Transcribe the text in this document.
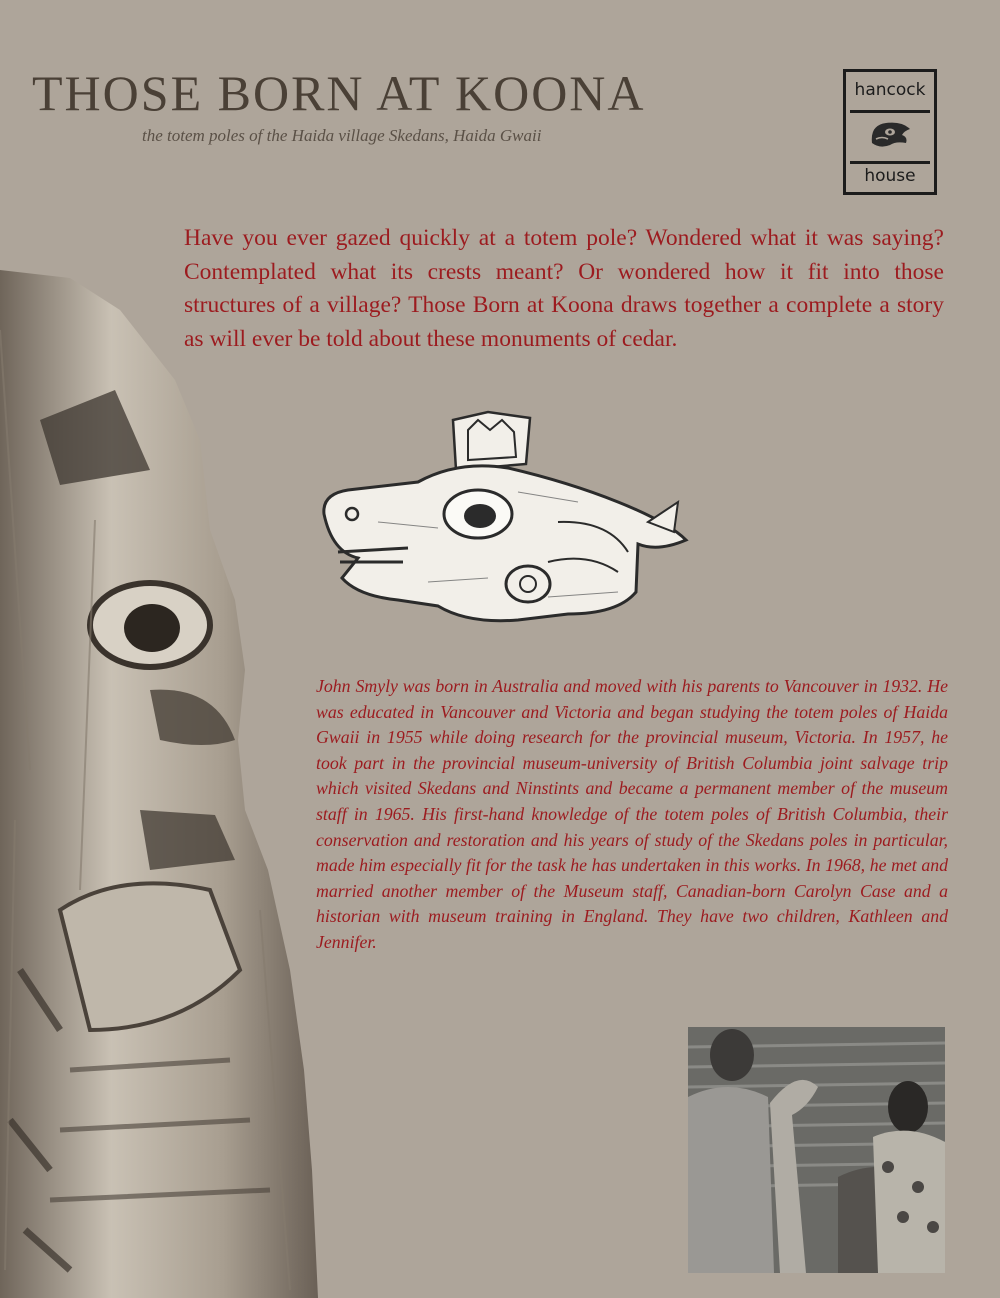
THOSE BORN AT KOONA

the totem poles of the Haida village Skedans, Haida Gwaii

hancock
house

Have you ever gazed quickly at a totem pole? Wondered what it was saying? Contemplated what its crests meant? Or wondered how it fit into those structures of a village? Those Born at Koona draws together a complete a story as will ever be told about these monuments of cedar.

John Smyly was born in Australia and moved with his parents to Vancouver in 1932. He was educated in Vancouver and Victoria and began studying the totem poles of Haida Gwaii in 1955 while doing research for the provincial museum, Victoria. In 1957, he took part in the provincial museum-university of British Columbia joint salvage trip which visited Skedans and Ninstints and became a permanent member of the museum staff in 1965. His first-hand knowledge of the totem poles of British Columbia, their conservation and restoration and his years of study of the Skedans poles in particular, made him especially fit for the task he has undertaken in this works. In 1968, he met and married another member of the Museum staff, Canadian-born Carolyn Case and a historian with museum training in England. They have two children, Kathleen and Jennifer.
